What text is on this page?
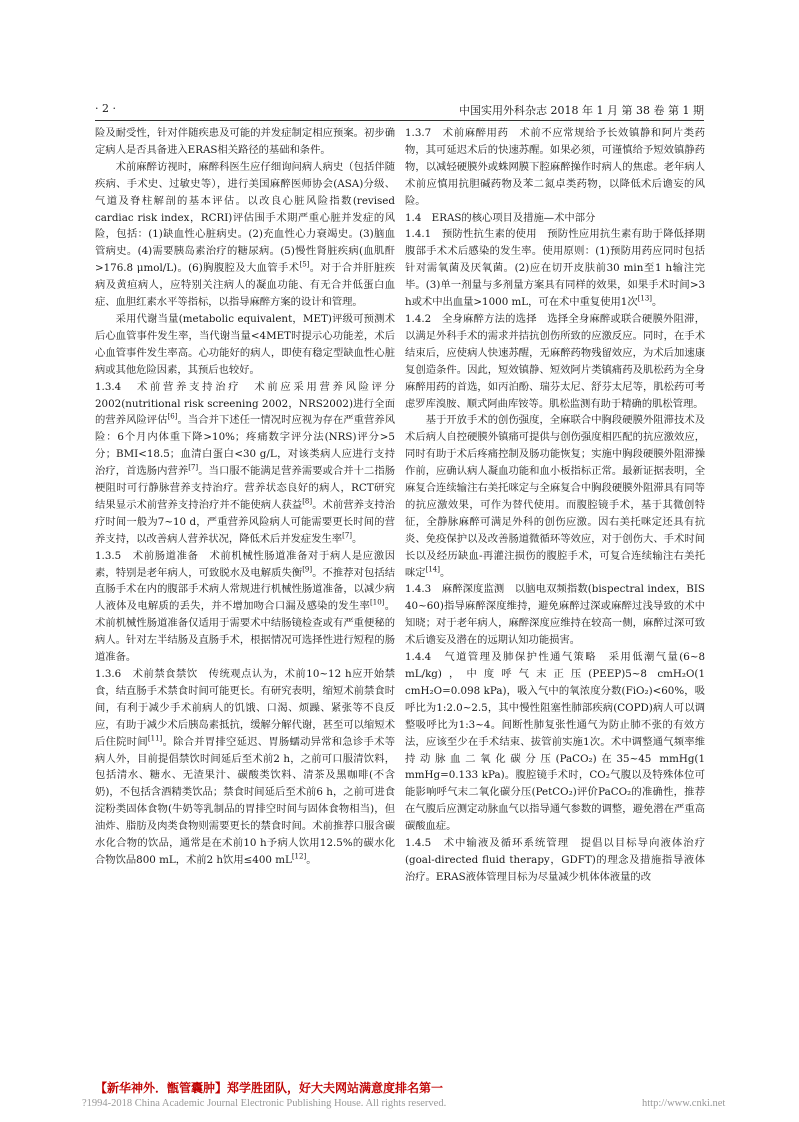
· 2 ·	中国实用外科杂志 2018 年 1 月 第 38 卷 第 1 期

险及耐受性，针对伴随疾患及可能的并发症制定相应预案。初步确定病人是否具备进入ERAS相关路径的基础和条件。

术前麻醉访视时，麻醉科医生应仔细询问病人病史（包括伴随疾病、手术史、过敏史等），进行美国麻醉医师协会(ASA)分级、气道及脊柱解剖的基本评估。以改良心脏风险指数(revised cardiac risk index，RCRI)评估围手术期严重心脏并发症的风险，包括：(1)缺血性心脏病史。(2)充血性心力衰竭史。(3)脑血管病史。(4)需要胰岛素治疗的糖尿病。(5)慢性肾脏疾病(血肌酐>176.8 μmol/L)。(6)胸腹腔及大血管手术[5]。对于合并肝脏疾病及黄疸病人，应特别关注病人的凝血功能、有无合并低蛋白血症、血胆红素水平等指标，以指导麻醉方案的设计和管理。

采用代谢当量(metabolic equivalent，MET)评级可预测术后心血管事件发生率，当代谢当量<4MET时提示心功能差，术后心血管事件发生率高。心功能好的病人，即使有稳定型缺血性心脏病或其他危险因素，其预后也较好。

1.3.4　术前营养支持治疗　术前应采用营养风险评分2002(nutritional risk screening 2002，NRS2002)进行全面的营养风险评估[6]。当合并下述任一情况时应视为存在严重营养风险：6个月内体重下降>10%；疼痛数字评分法(NRS)评分>5分；BMI<18.5；血清白蛋白<30 g/L，对该类病人应进行支持治疗，首选肠内营养[7]。当口服不能满足营养需要或合并十二指肠梗阻时可行静脉营养支持治疗。营养状态良好的病人，RCT研究结果显示术前营养支持治疗并不能使病人获益[8]。术前营养支持治疗时间一般为7~10 d，严重营养风险病人可能需要更长时间的营养支持，以改善病人营养状况，降低术后并发症发生率[7]。

1.3.5　术前肠道准备　术前机械性肠道准备对于病人是应激因素，特别是老年病人，可致脱水及电解质失衡[9]。不推荐对包括结直肠手术在内的腹部手术病人常规进行机械性肠道准备，以减少病人液体及电解质的丢失，并不增加吻合口漏及感染的发生率[10]。术前机械性肠道准备仅适用于需要术中结肠镜检查或有严重便秘的病人。针对左半结肠及直肠手术，根据情况可选择性进行短程的肠道准备。

1.3.6　术前禁食禁饮　传统观点认为，术前10~12 h应开始禁食，结直肠手术禁食时间可能更长。有研究表明，缩短术前禁食时间，有利于减少手术前病人的饥饿、口渴、烦躁、紧张等不良反应，有助于减少术后胰岛素抵抗，缓解分解代谢，甚至可以缩短术后住院时间[11]。除合并胃排空延迟、胃肠蠕动异常和急诊手术等病人外，目前提倡禁饮时间延后至术前2 h，之前可口服清饮料，包括清水、糖水、无渣果汁、碳酸类饮料、清茶及黑咖啡(不含奶)，不包括含酒精类饮品；禁食时间延后至术前6 h，之前可进食淀粉类固体食物(牛奶等乳制品的胃排空时间与固体食物相当)，但油炸、脂肪及肉类食物则需要更长的禁食时间。术前推荐口服含碳水化合物的饮品，通常是在术前10 h予病人饮用12.5%的碳水化合物饮品800 mL，术前2 h饮用≤400 mL[12]。

1.3.7　术前麻醉用药　术前不应常规给予长效镇静和阿片类药物，其可延迟术后的快速苏醒。如果必须，可谨慎给予短效镇静药物，以减轻硬膜外或蛛网膜下腔麻醉操作时病人的焦虑。老年病人术前应慎用抗胆碱药物及苯二氮卓类药物，以降低术后谵妄的风险。

1.4　ERAS的核心项目及措施—术中部分

1.4.1　预防性抗生素的使用　预防性应用抗生素有助于降低择期腹部手术术后感染的发生率。使用原则：(1)预防用药应同时包括针对需氧菌及厌氧菌。(2)应在切开皮肤前30 min至1 h输注完毕。(3)单一剂量与多剂量方案具有同样的效果，如果手术时间>3 h或术中出血量>1000 mL，可在术中重复使用1次[13]。

1.4.2　全身麻醉方法的选择　选择全身麻醉或联合硬膜外阻滞，以满足外科手术的需求并拮抗创伤所致的应激反应。同时，在手术结束后，应使病人快速苏醒，无麻醉药物残留效应，为术后加速康复创造条件。因此，短效镇静、短效阿片类镇痛药及肌松药为全身麻醉用药的首选，如丙泊酚、瑞芬太尼、舒芬太尼等，肌松药可考虑罗库溴胺、顺式阿曲库铵等。肌松监测有助于精确的肌松管理。

基于开放手术的创伤强度，全麻联合中胸段硬膜外阻滞技术及术后病人自控硬膜外镇痛可提供与创伤强度相匹配的抗应激效应，同时有助于术后疼痛控制及肠功能恢复；实施中胸段硬膜外阻滞操作前，应确认病人凝血功能和血小板指标正常。最新证据表明，全麻复合连续输注右美托咪定与全麻复合中胸段硬膜外阻滞具有同等的抗应激效果，可作为替代使用。而腹腔镜手术，基于其微创特征，全静脉麻醉可满足外科的创伤应激。因右美托咪定还具有抗炎、免疫保护以及改善肠道微循环等效应，对于创伤大、手术时间长以及经历缺血-再灌注损伤的腹腔手术，可复合连续输注右美托咪定[14]。

1.4.3　麻醉深度监测　以脑电双频指数(bispectral index，BIS 40~60)指导麻醉深度维持，避免麻醉过深或麻醉过浅导致的术中知晓；对于老年病人，麻醉深度应维持在较高一侧，麻醉过深可致术后谵妄及潜在的远期认知功能损害。

1.4.4　气道管理及肺保护性通气策略　采用低潮气量(6~8 mL/kg)，中度呼气末正压(PEEP)5~8 cmH₂O(1 cmH₂O=0.098 kPa)，吸入气中的氧浓度分数(FiO₂)<60%，吸呼比为1:2.0~2.5，其中慢性阻塞性肺部疾病(COPD)病人可以调整吸呼比为1:3~4。间断性肺复张性通气为防止肺不张的有效方法，应该至少在手术结束、拔管前实施1次。术中调整通气频率维持动脉血二氧化碳分压(PaCO₂)在35~45 mmHg(1 mmHg=0.133 kPa)。腹腔镜手术时，CO₂气腹以及特殊体位可能影响呼气末二氧化碳分压(PetCO₂)评价PaCO₂的准确性，推荐在气腹后应测定动脉血气以指导通气参数的调整，避免潜在严重高碳酸血症。

1.4.5　术中输液及循环系统管理　提倡以目标导向液体治疗(goal-directed fluid therapy，GDFT)的理念及措施指导液体治疗。ERAS液体管理目标为尽量减少机体体液量的改

【新华神外．甑管囊肿】郑学胜团队，好大夫网站满意度排名第一
?1994-2018 China Academic Journal Electronic Publishing House. All rights reserved.	http://www.cnki.net
